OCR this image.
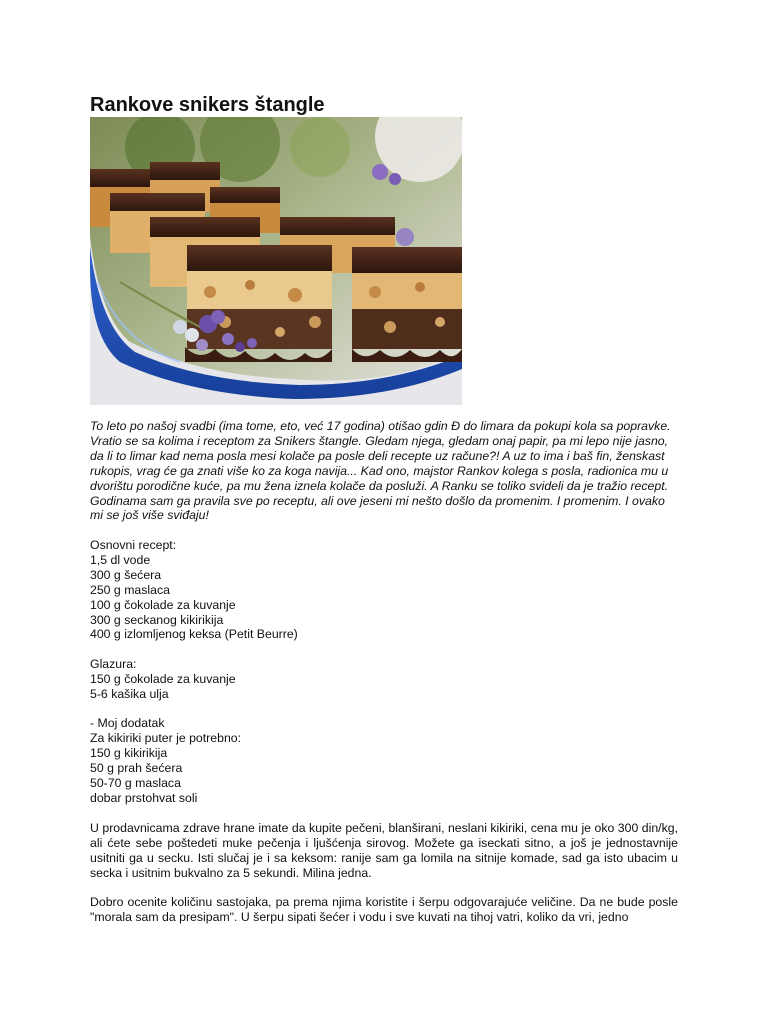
Rankove snikers štangle

To leto po našoj svadbi (ima tome, eto, već 17 godina) otišao gdin Đ do limara da pokupi kola sa popravke. Vratio se sa kolima i receptom za Snikers štangle. Gledam njega, gledam onaj papir, pa mi lepo nije jasno, da li to limar kad nema posla mesi kolače pa posle deli recepte uz račune?! A uz to ima i baš fin, ženskast rukopis, vrag će ga znati više ko za koga navija... Kad ono, majstor Rankov kolega s posla, radionica mu u dvorištu porodične kuće, pa mu žena iznela kolače da posluži. A Ranku se toliko svideli da je tražio recept. Godinama sam ga pravila sve po receptu, ali ove jeseni mi nešto došlo da promenim. I promenim. I ovako mi se još više sviđaju!

Osnovni recept:
1,5 dl vode
300 g šećera
250 g maslaca
100 g čokolade za kuvanje
300 g seckanog kikirikija
400 g izlomljenog keksa (Petit Beurre)
Glazura:
150 g čokolade za kuvanje
5-6 kašika ulja
- Moj dodatak
Za kikiriki puter je potrebno:
150 g kikirikija
50 g prah šećera
50-70 g maslaca
dobar prstohvat soli

U prodavnicama zdrave hrane imate da kupite pečeni, blanširani, neslani kikiriki, cena mu je oko 300 din/kg, ali ćete sebe poštedeti muke pečenja i ljušćenja sirovog. Možete ga iseckati sitno, a još je jednostavnije usitniti ga u secku. Isti slučaj je i sa keksom: ranije sam ga lomila na sitnije komade, sad ga isto ubacim u secka i usitnim bukvalno za 5 sekundi. Milina jedna.

Dobro ocenite količinu sastojaka, pa prema njima koristite i šerpu odgovarajuće veličine. Da ne bude posle "morala sam da presipam". U šerpu sipati šećer i vodu i sve kuvati na tihoj vatri, koliko da vri, jedno
